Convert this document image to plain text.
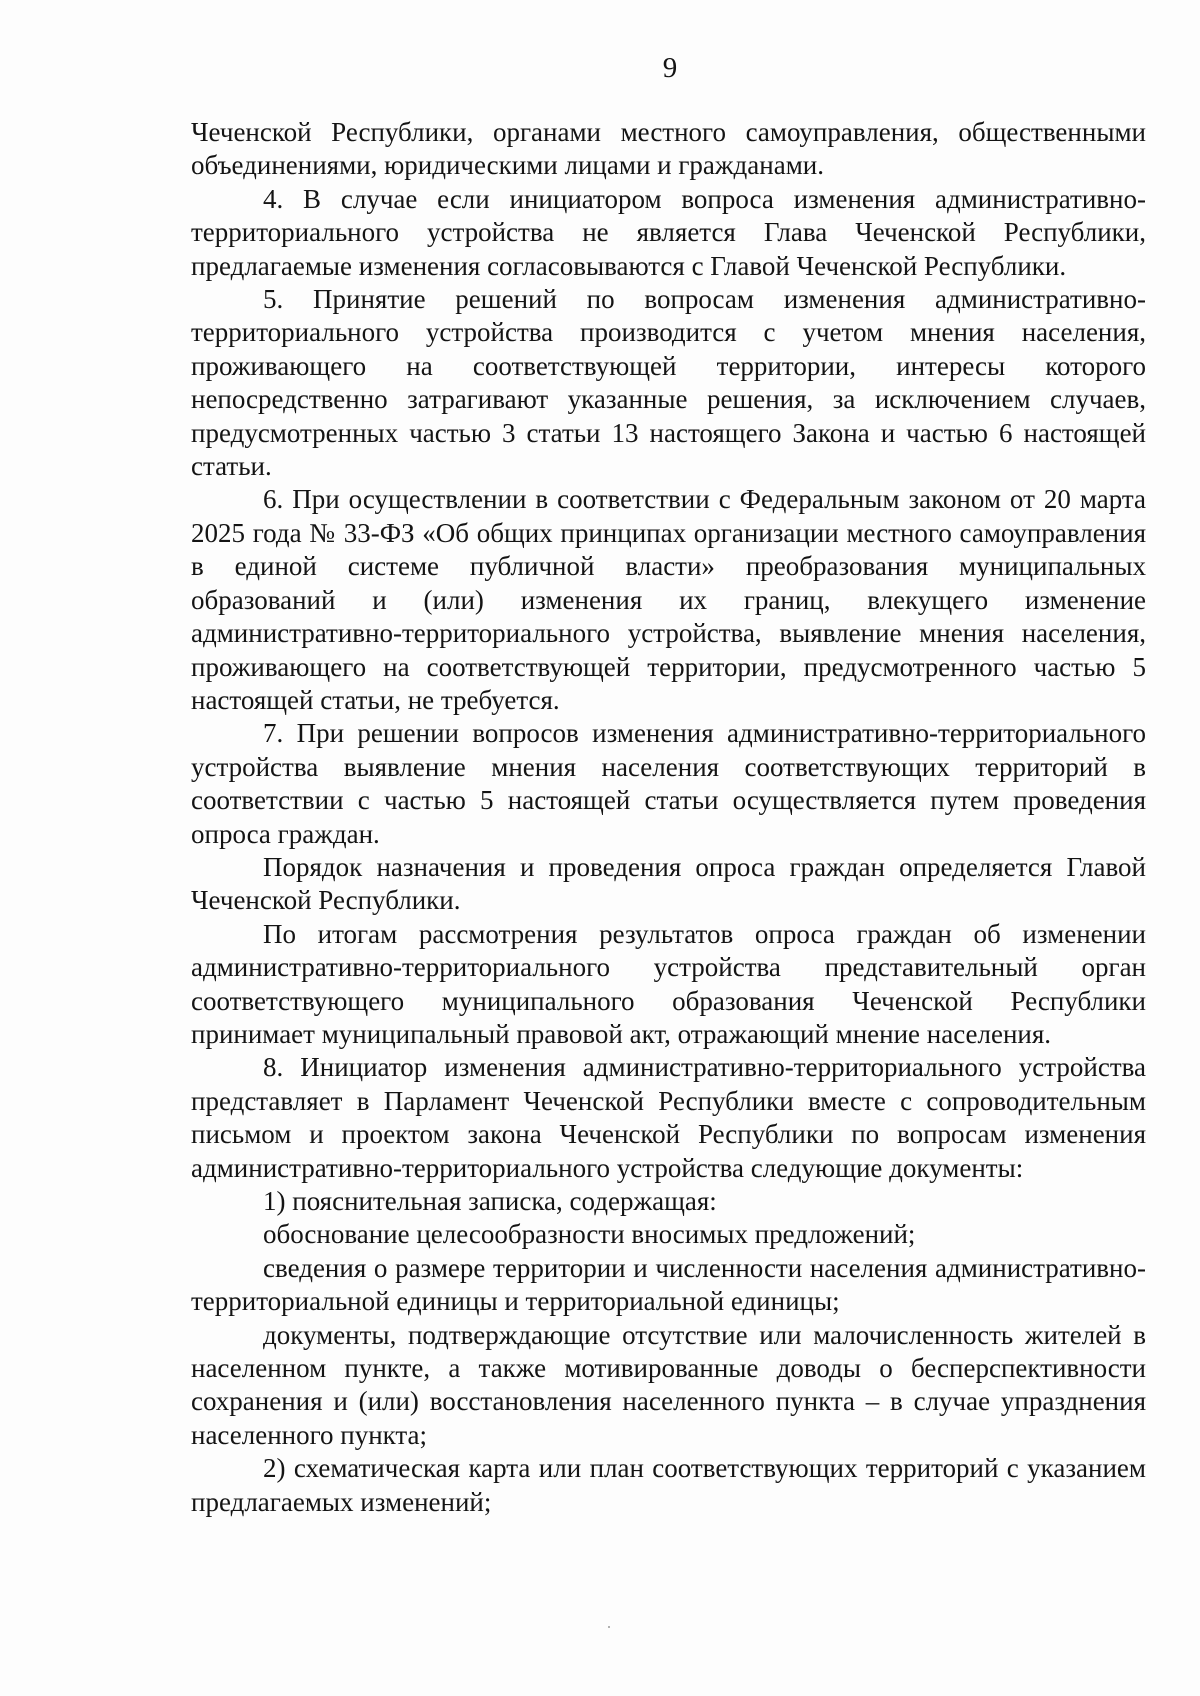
9

Чеченской Республики, органами местного самоуправления, общественными объединениями, юридическими лицами и гражданами.

4. В случае если инициатором вопроса изменения административно-территориального устройства не является Глава Чеченской Республики, предлагаемые изменения согласовываются с Главой Чеченской Республики.

5. Принятие решений по вопросам изменения административно-территориального устройства производится с учетом мнения населения, проживающего на соответствующей территории, интересы которого непосредственно затрагивают указанные решения, за исключением случаев, предусмотренных частью 3 статьи 13 настоящего Закона и частью 6 настоящей статьи.

6. При осуществлении в соответствии с Федеральным законом от 20 марта 2025 года № 33-ФЗ «Об общих принципах организации местного самоуправления в единой системе публичной власти» преобразования муниципальных образований и (или) изменения их границ, влекущего изменение административно-территориального устройства, выявление мнения населения, проживающего на соответствующей территории, предусмотренного частью 5 настоящей статьи, не требуется.

7. При решении вопросов изменения административно-территориального устройства выявление мнения населения соответствующих территорий в соответствии с частью 5 настоящей статьи осуществляется путем проведения опроса граждан.

Порядок назначения и проведения опроса граждан определяется Главой Чеченской Республики.

По итогам рассмотрения результатов опроса граждан об изменении административно-территориального устройства представительный орган соответствующего муниципального образования Чеченской Республики принимает муниципальный правовой акт, отражающий мнение населения.

8. Инициатор изменения административно-территориального устройства представляет в Парламент Чеченской Республики вместе с сопроводительным письмом и проектом закона Чеченской Республики по вопросам изменения административно-территориального устройства следующие документы:

1) пояснительная записка, содержащая:

обоснование целесообразности вносимых предложений;

сведения о размере территории и численности населения административно-территориальной единицы и территориальной единицы;

документы, подтверждающие отсутствие или малочисленность жителей в населенном пункте, а также мотивированные доводы о бесперспективности сохранения и (или) восстановления населенного пункта – в случае упразднения населенного пункта;

2) схематическая карта или план соответствующих территорий с указанием предлагаемых изменений;
